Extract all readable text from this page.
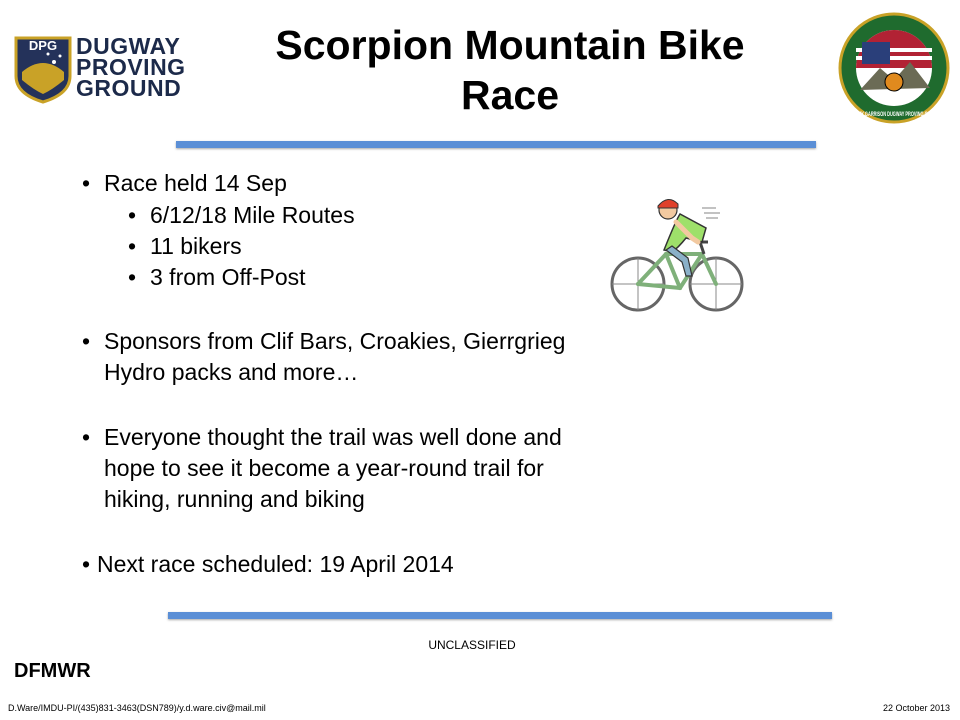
DPG DUGWAY
PROVING
GROUND
Scorpion Mountain Bike
Race	US ARMY GARRISON DUGWAY PROVING GROUND
• Race held 14 Sep
• 6/12/18 Mile Routes
• 11 bikers
• 3 from Off-Post
• Sponsors from Clif Bars, Croakies, Gierrgrieg
Hydro packs and more…
• Everyone thought the trail was well done and
hope to see it become a year-round trail for
hiking, running and biking
• Next race scheduled: 19 April 2014
UNCLASSIFIED
DFMWR
D.Ware/IMDU-PI/(435)831-3463(DSN789)/y.d.ware.civ@mail.mil	22 October 2013
